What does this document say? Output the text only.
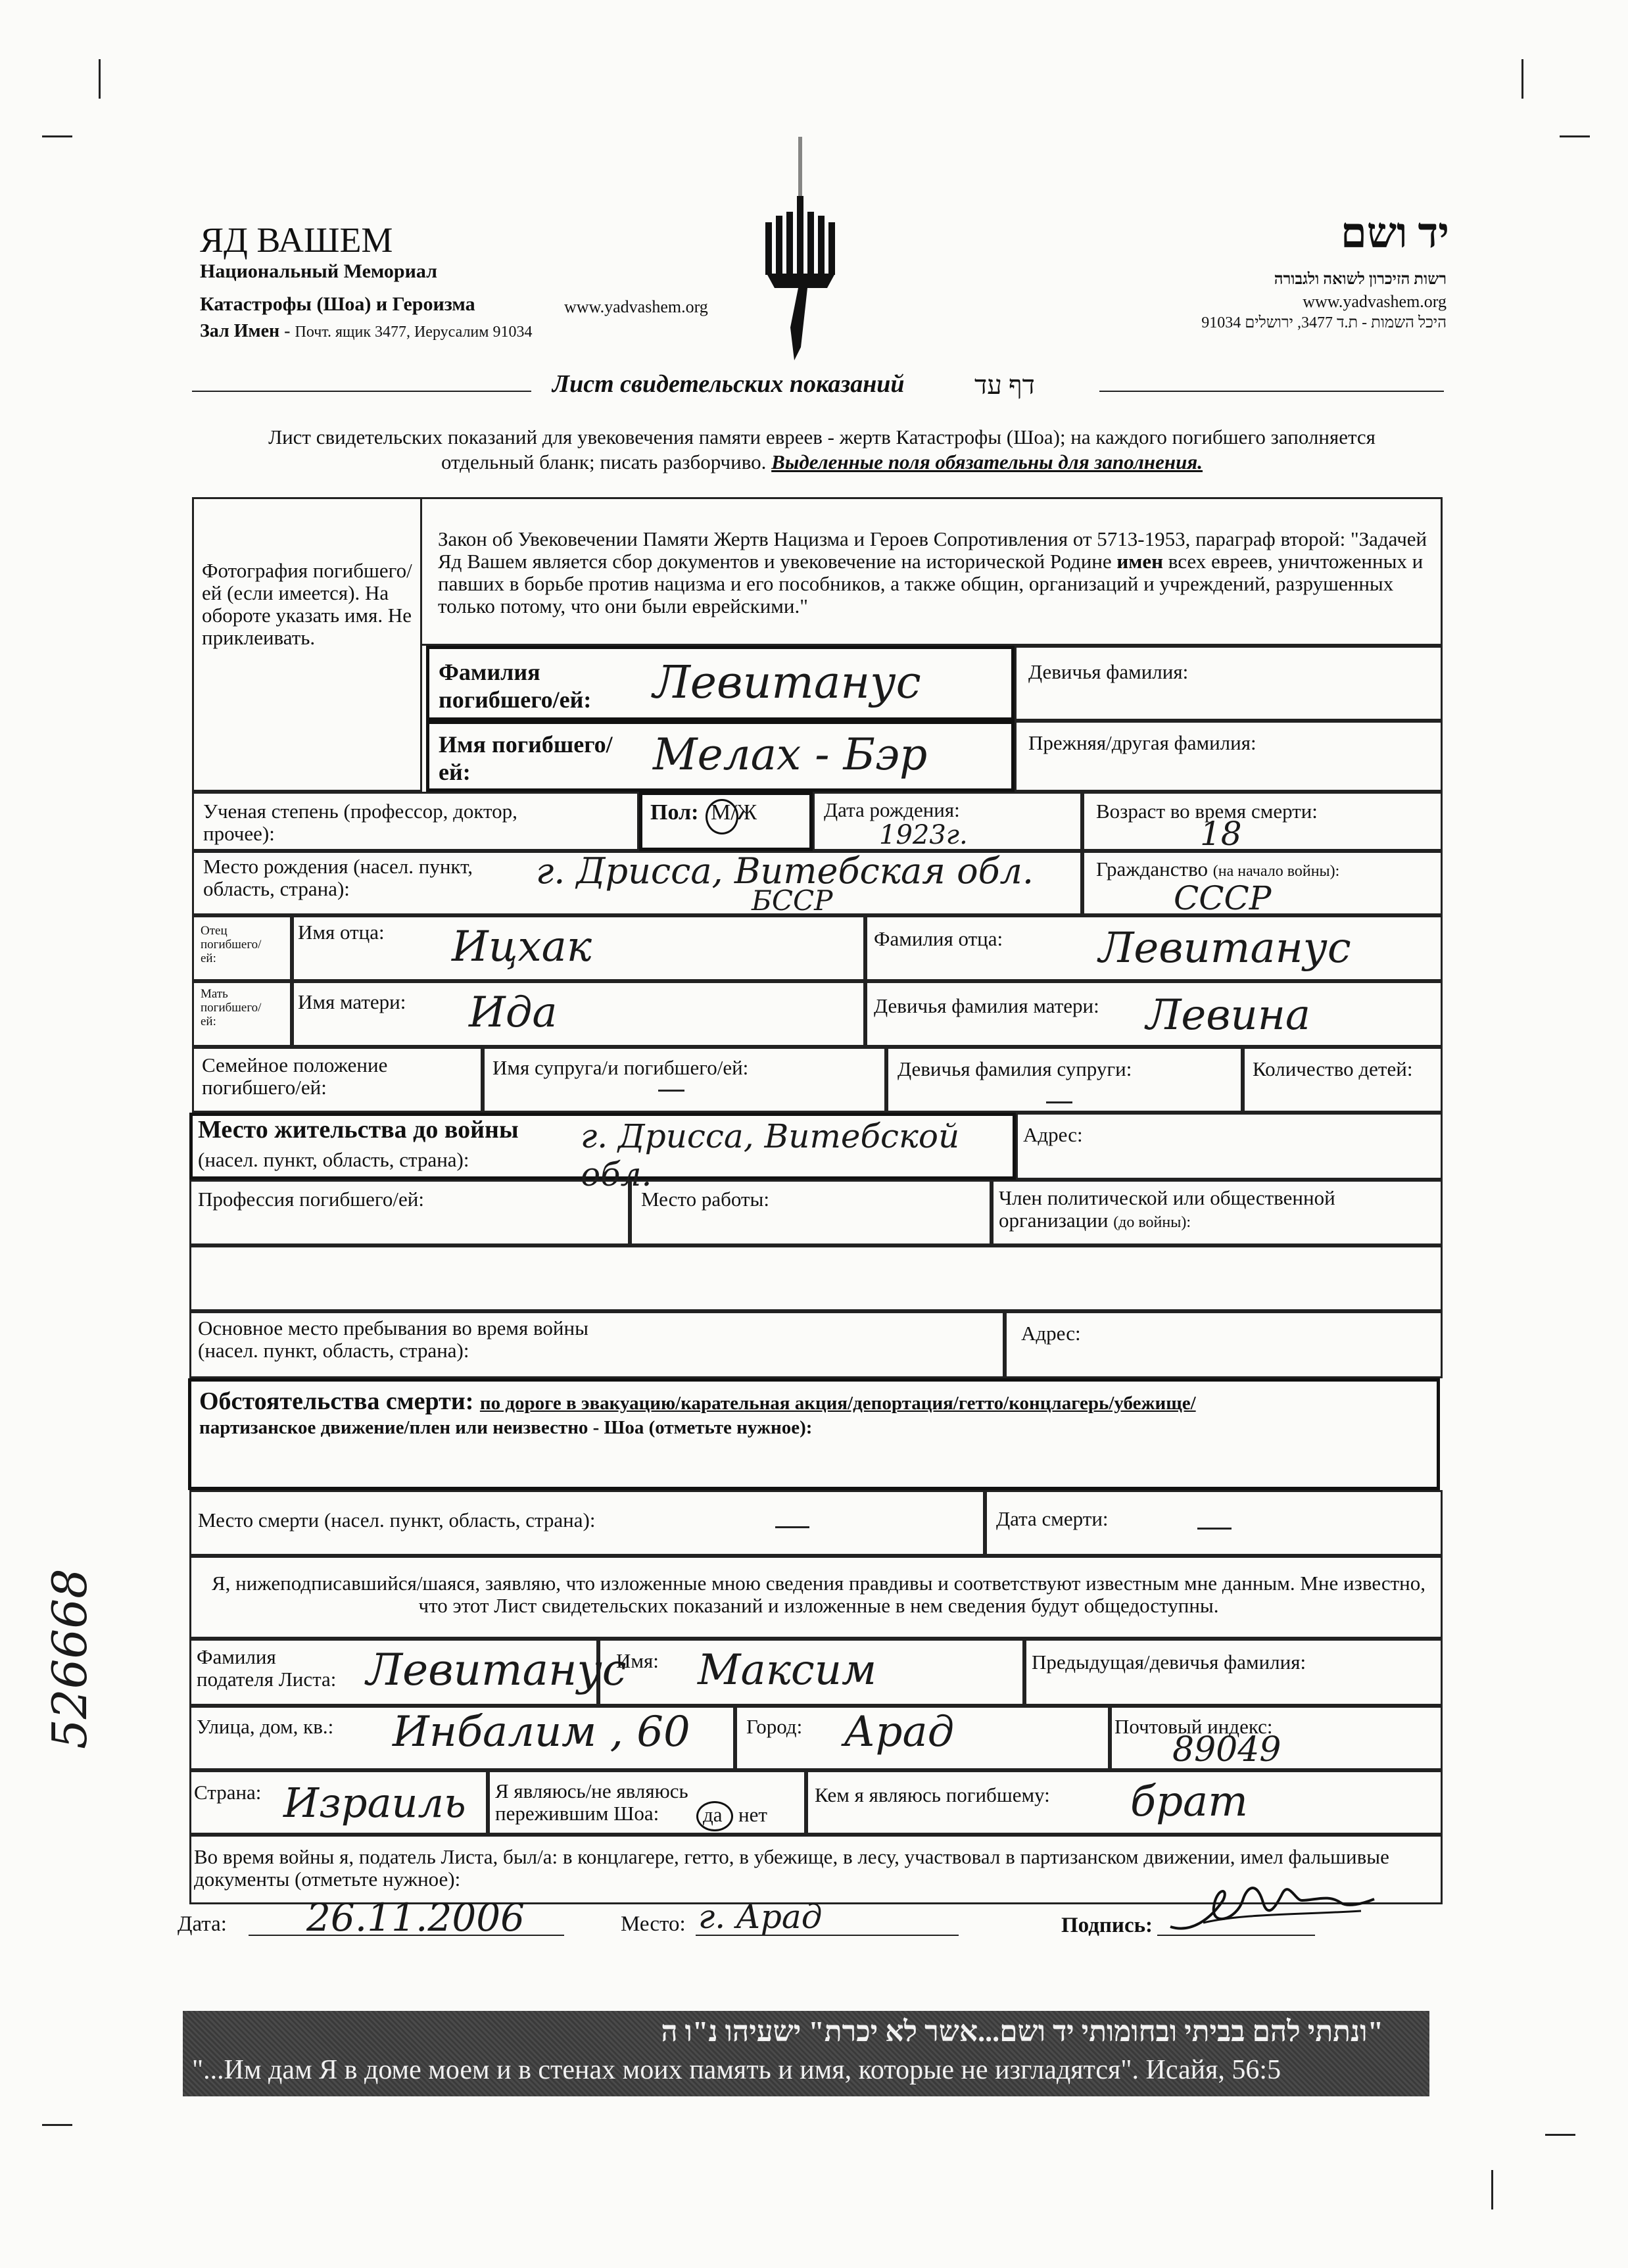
ЯД ВАШЕМ
Национальный Мемориал
Катастрофы (Шоа) и Героизма	www.yadvashem.org
Зал Имен - Почт. ящик 3477, Иерусалим 91034
יד ושם
רשות הזיכרון לשואה ולגבורה
www.yadvashem.org
91034 היכל השמות - ת.ד 3477, ירושלים
Лист свидетельских показаний	דף עד
Лист свидетельских показаний для увековечения памяти евреев - жертв Катастрофы (Шоа); на каждого погибшего заполняется отдельный бланк; писать разборчиво. Выделенные поля обязательны для заполнения.
Фотография погибшего/ей (если имеется). На обороте указать имя. Не приклеивать.
Закон об Увековечении Памяти Жертв Нацизма и Героев Сопротивления от 5713-1953, параграф второй: "Задачей Яд Вашем является сбор документов и увековечение на исторической Родине имен всех евреев, уничтоженных и павших в борьбе против нацизма и его пособников, а также общин, организаций и учреждений, разрушенных только потому, что они были еврейскими."
Фамилия погибшего/ей:	Левитанус	Девичья фамилия:
Имя погибшего/ей:	Мелах - Бэр	Прежняя/другая фамилия:
Ученая степень (профессор, доктор, прочее):
Пол: М/Ж	Дата рождения:
1923г.
Возраст во время смерти:
18
Место рождения (насел. пункт, область, страна):	г. Дрисса, Витебская обл.
БССР
Гражданство (на начало войны):
СССР
Отец погибшего/ей:
Имя отца: Ицхак	Фамилия отца: Левитанус
Мать погибшего/ей:
Имя матери: Ида	Девичья фамилия матери: Левина
Семейное положение погибшего/ей:
Имя супруга/и погибшего/ей:	Девичья фамилия супруги:	Количество детей:
Место жительства до войны
(насел. пункт, область, страна):
г. Дрисса, Витебской обл.
Адрес:
Профессия погибшего/ей:	Место работы:	Член политической или общественной организации (до войны):
Основное место пребывания во время войны (насел. пункт, область, страна):
Адрес:
Обстоятельства смерти: по дороге в эвакуацию/карательная акция/депортация/гетто/концлагерь/убежище/
партизанское движение/плен или неизвестно - Шоа (отметьте нужное):
Место смерти (насел. пункт, область, страна):	Дата смерти:
Я, нижеподписавшийся/шаяся, заявляю, что изложенные мною сведения правдивы и соответствуют известным мне данным. Мне известно, что этот Лист свидетельских показаний и изложенные в нем сведения будут общедоступны.
Фамилия подателя Листа: Левитанус
Имя: Максим	Предыдущая/девичья фамилия:
Улица, дом, кв.: Инбалим , 60	Город: Арад	Почтовый индекс:
89049
Страна: Израиль Я являюсь/не являюсь пережившим Шоа:	да нет
Кем я являюсь погибшему: брат
Во время войны я, податель Листа, был/а: в концлагере, гетто, в убежище, в лесу, участвовал в партизанском движении, имел фальшивые документы (отметьте нужное):
Дата: 26.11.2006	Место: г. Арад	Подпись:
526668
"ונתתי להם בביתי ובחומותי יד ושם...אשר לא יכרת" ישעיהו נ"ו ה
"...Им дам Я в доме моем и в стенах моих память и имя, которые не изгладятся". Исайя, 56:5
